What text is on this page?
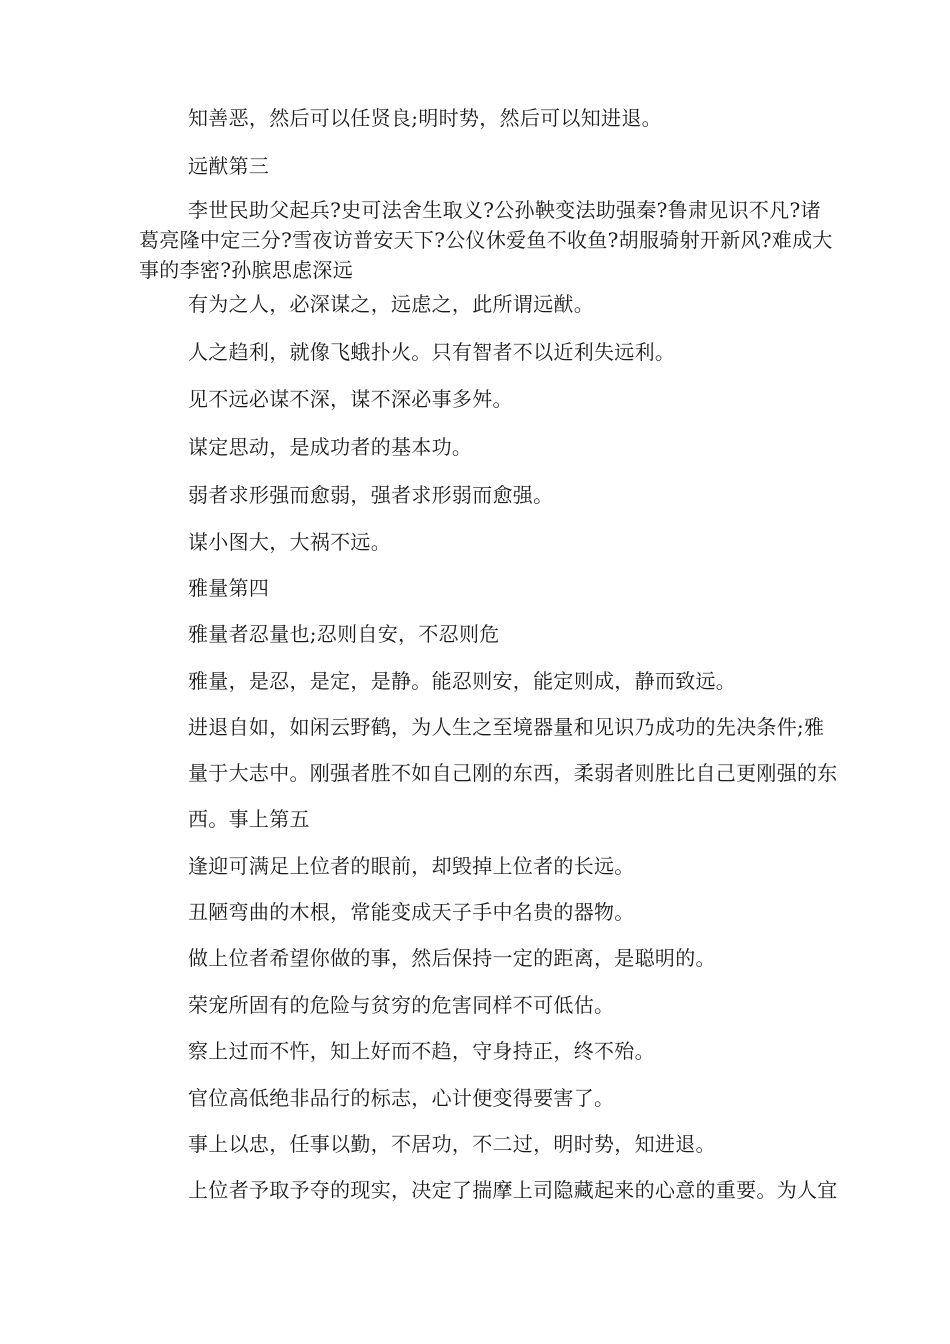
知善恶，然后可以任贤良;明时势，然后可以知进退。
远猷第三
李世民助父起兵?史可法舍生取义?公孙鞅变法助强秦?鲁肃见识不凡?诸葛亮隆中定三分?雪夜访普安天下?公仪休爱鱼不收鱼?胡服骑射开新风?难成大事的李密?孙膑思虑深远
有为之人，必深谋之，远虑之，此所谓远猷。
人之趋利，就像飞蛾扑火。只有智者不以近利失远利。
见不远必谋不深，谋不深必事多舛。
谋定思动，是成功者的基本功。
弱者求形强而愈弱，强者求形弱而愈强。
谋小图大，大祸不远。
雅量第四
雅量者忍量也;忍则自安，不忍则危
雅量，是忍，是定，是静。能忍则安，能定则成，静而致远。
进退自如，如闲云野鹤，为人生之至境器量和见识乃成功的先决条件;雅
量于大志中。刚强者胜不如自己刚的东西，柔弱者则胜比自己更刚强的东
西。事上第五
逢迎可满足上位者的眼前，却毁掉上位者的长远。
丑陋弯曲的木根，常能变成天子手中名贵的器物。
做上位者希望你做的事，然后保持一定的距离，是聪明的。
荣宠所固有的危险与贫穷的危害同样不可低估。
察上过而不忤，知上好而不趋，守身持正，终不殆。
官位高低绝非品行的标志，心计便变得要害了。
事上以忠，任事以勤，不居功，不二过，明时势，知进退。
上位者予取予夺的现实，决定了揣摩上司隐藏起来的心意的重要。为人宜
